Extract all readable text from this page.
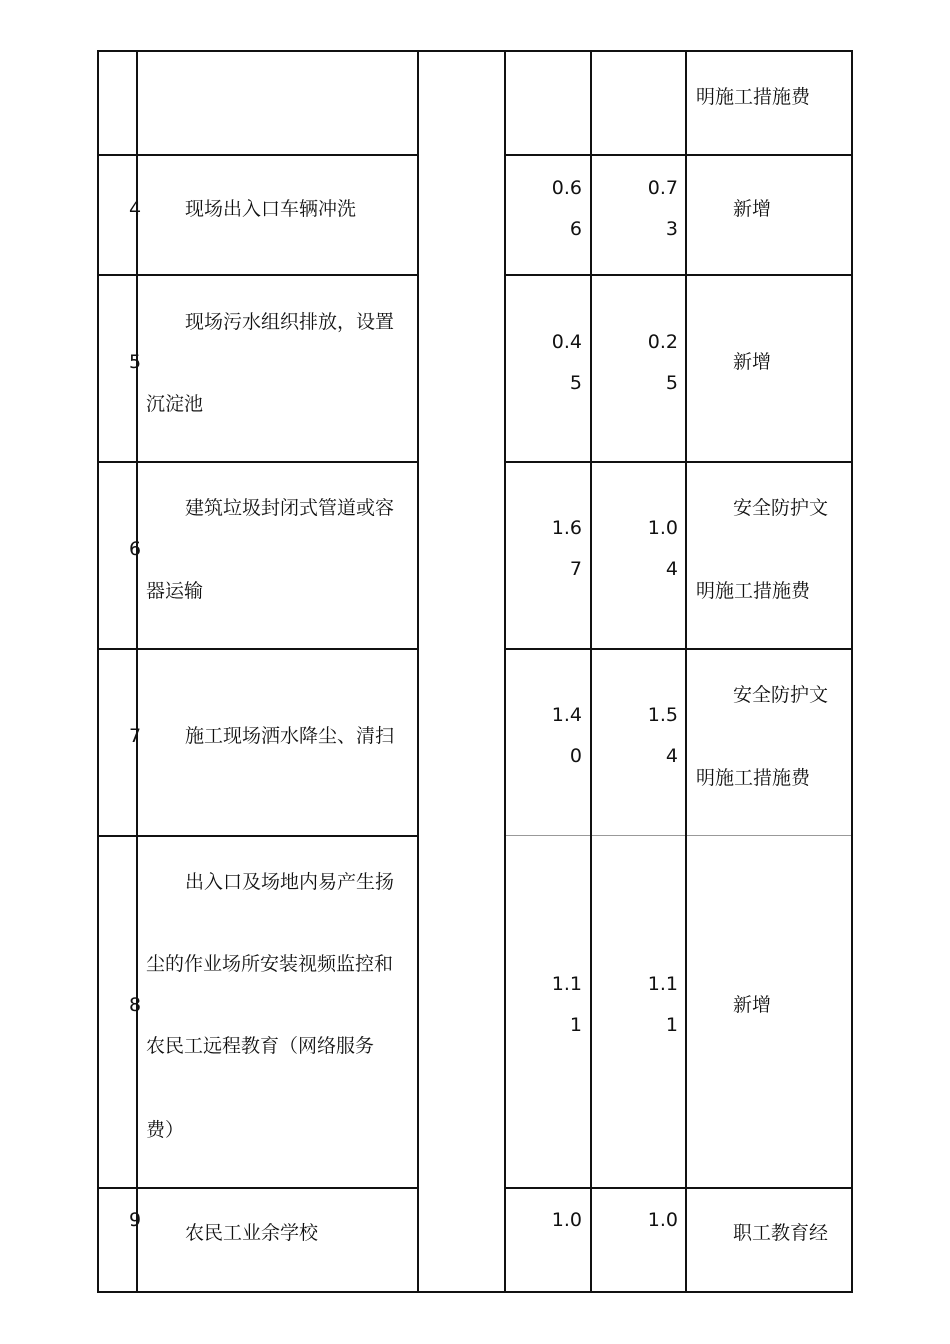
明施工措施费
4 现场出入口车辆冲洗
0.6
6
0.7
3
新增
5
现场污水组织排放，设置
沉淀池
0.4
5
0.2
5
新增
6
建筑垃圾封闭式管道或容
器运输
1.6
7
1.0
4
安全防护文
明施工措施费
7 施工现场洒水降尘、清扫
1.4
0
1.5
4
安全防护文
明施工措施费
8
出入口及场地内易产生扬
尘的作业场所安装视频监控和
农民工远程教育（网络服务
费）
1.1
1
1.1
1
新增
9
农民工业余学校
1.0	1.0
职工教育经
